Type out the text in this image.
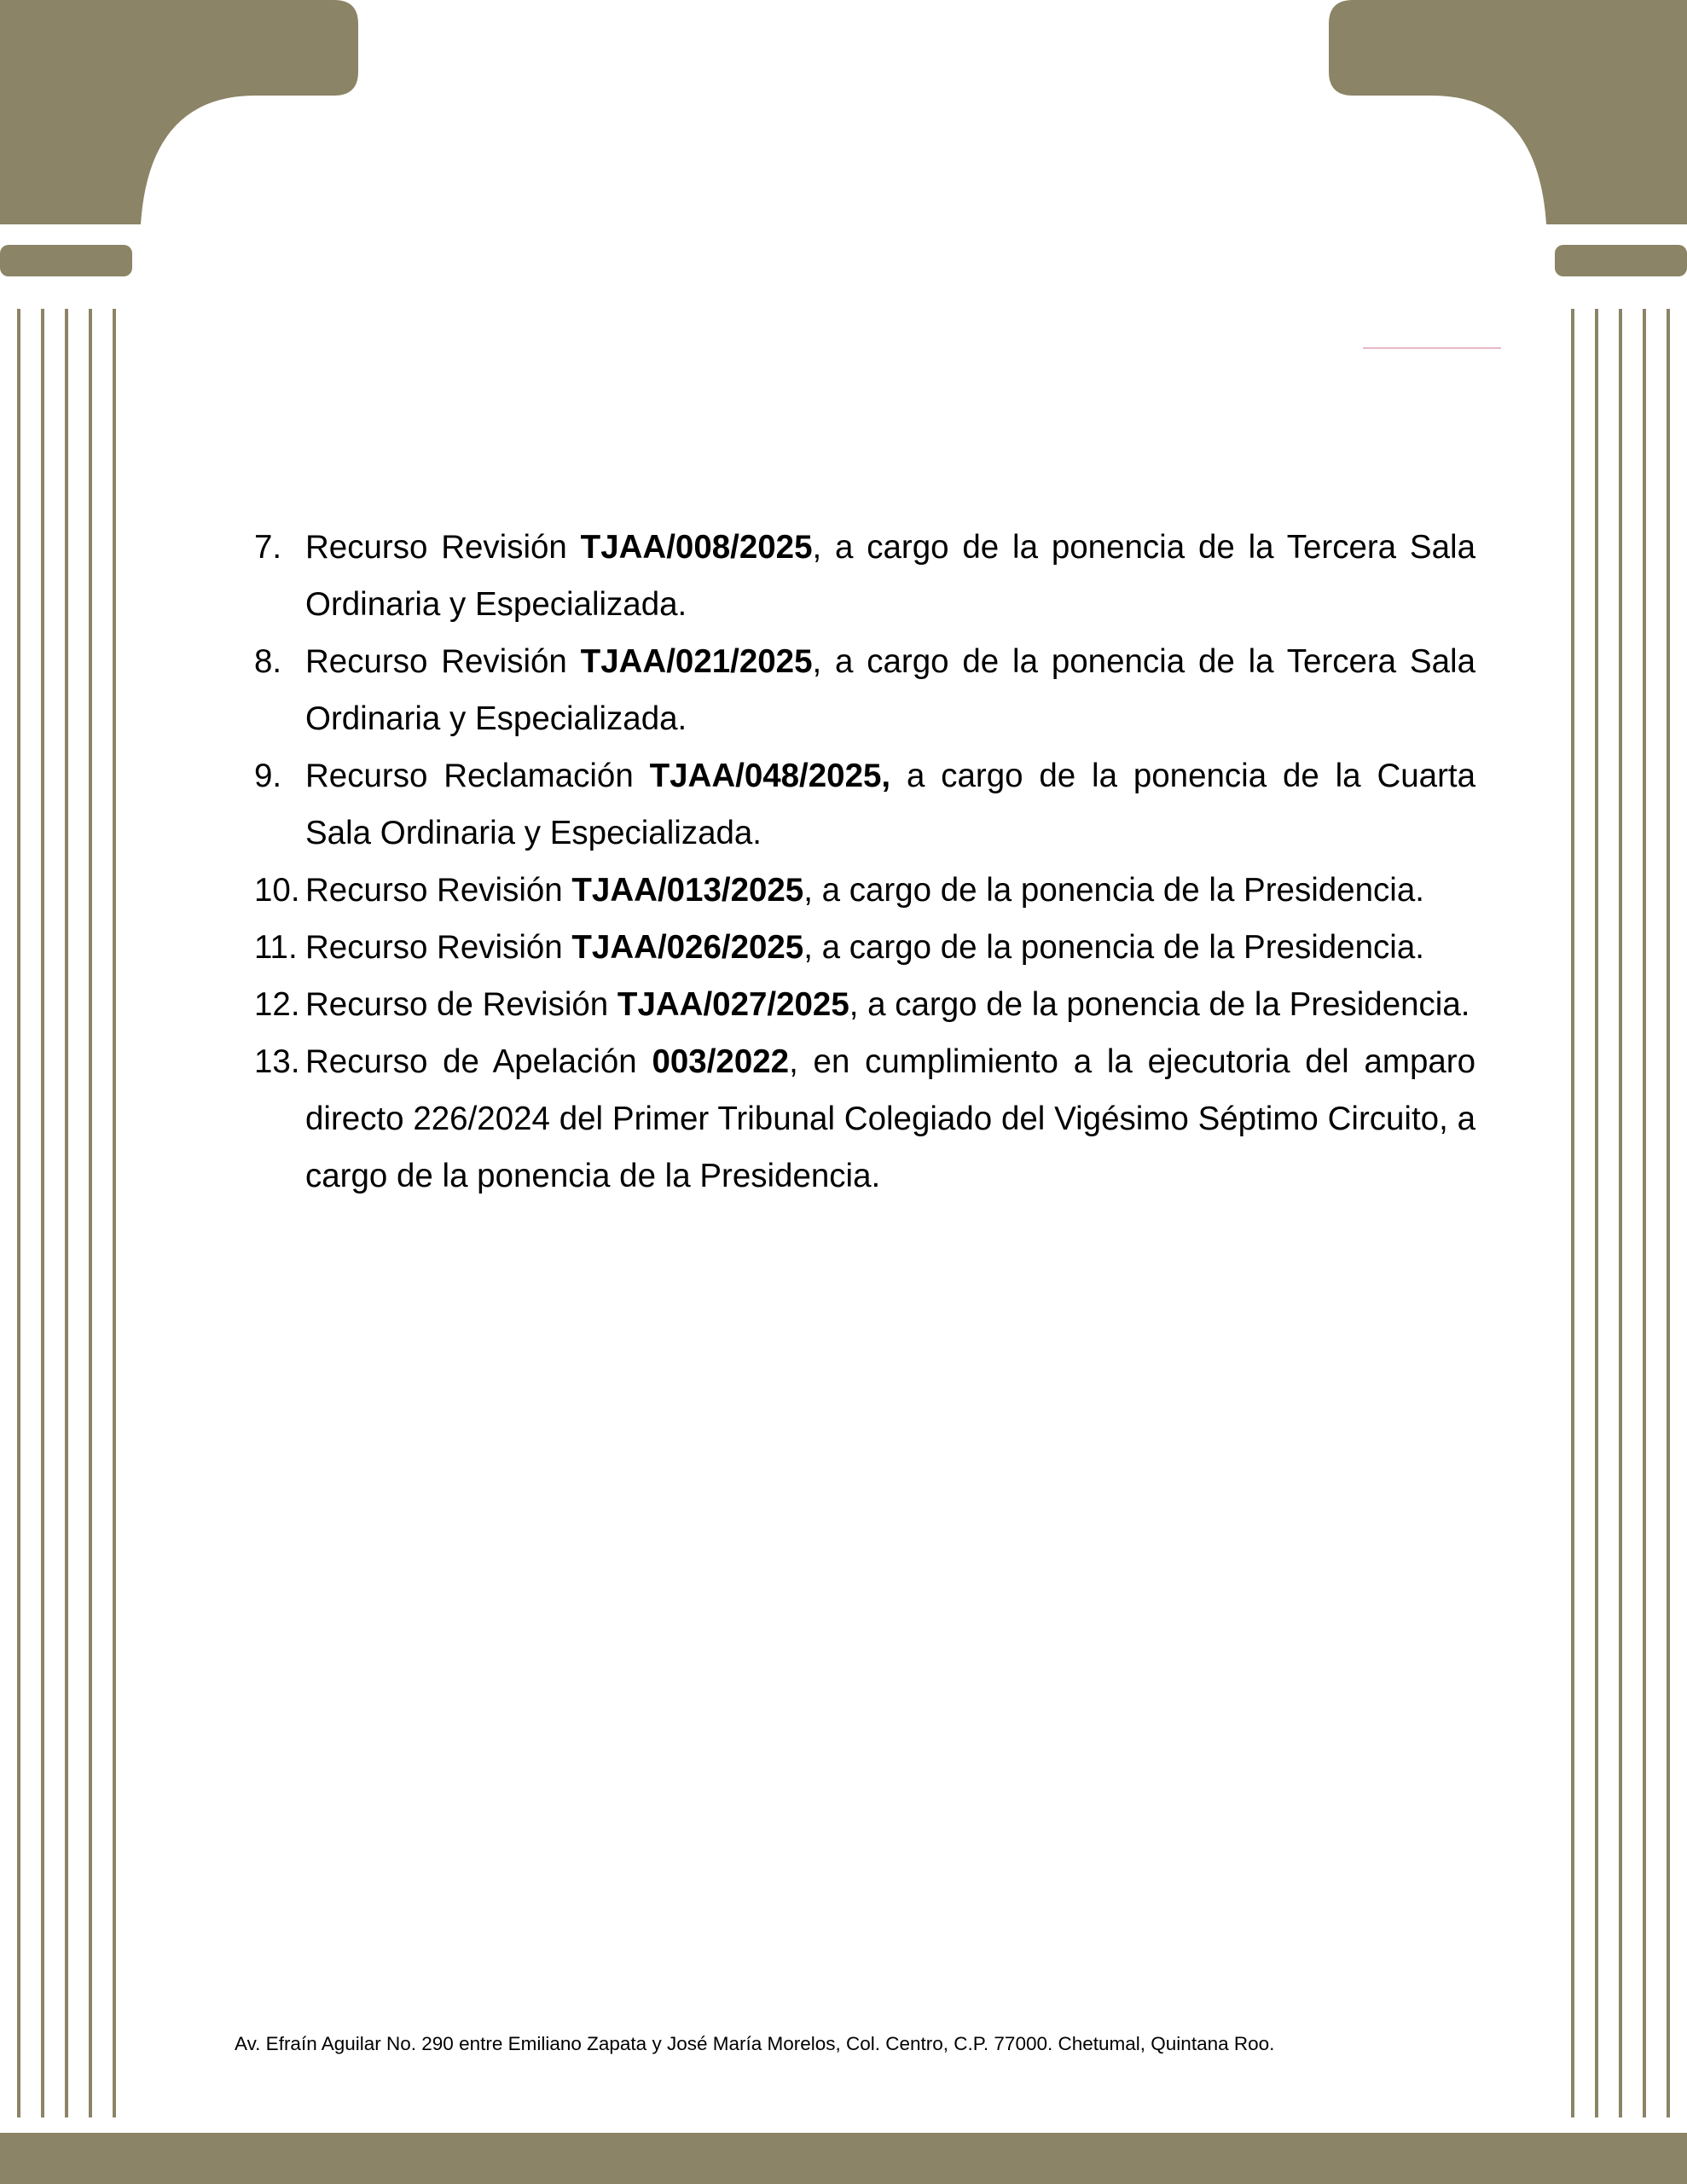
7. Recurso Revisión TJAA/008/2025, a cargo de la ponencia de la Tercera Sala Ordinaria y Especializada.
8. Recurso Revisión TJAA/021/2025, a cargo de la ponencia de la Tercera Sala Ordinaria y Especializada.
9. Recurso Reclamación TJAA/048/2025, a cargo de la ponencia de la Cuarta Sala Ordinaria y Especializada.
10. Recurso Revisión TJAA/013/2025, a cargo de la ponencia de la Presidencia.
11. Recurso Revisión TJAA/026/2025, a cargo de la ponencia de la Presidencia.
12. Recurso de Revisión TJAA/027/2025, a cargo de la ponencia de la Presidencia.
13. Recurso de Apelación 003/2022, en cumplimiento a la ejecutoria del amparo directo 226/2024 del Primer Tribunal Colegiado del Vigésimo Séptimo Circuito, a cargo de la ponencia de la Presidencia.
Av. Efraín Aguilar No. 290 entre Emiliano Zapata y José María Morelos, Col. Centro, C.P. 77000. Chetumal, Quintana Roo.
